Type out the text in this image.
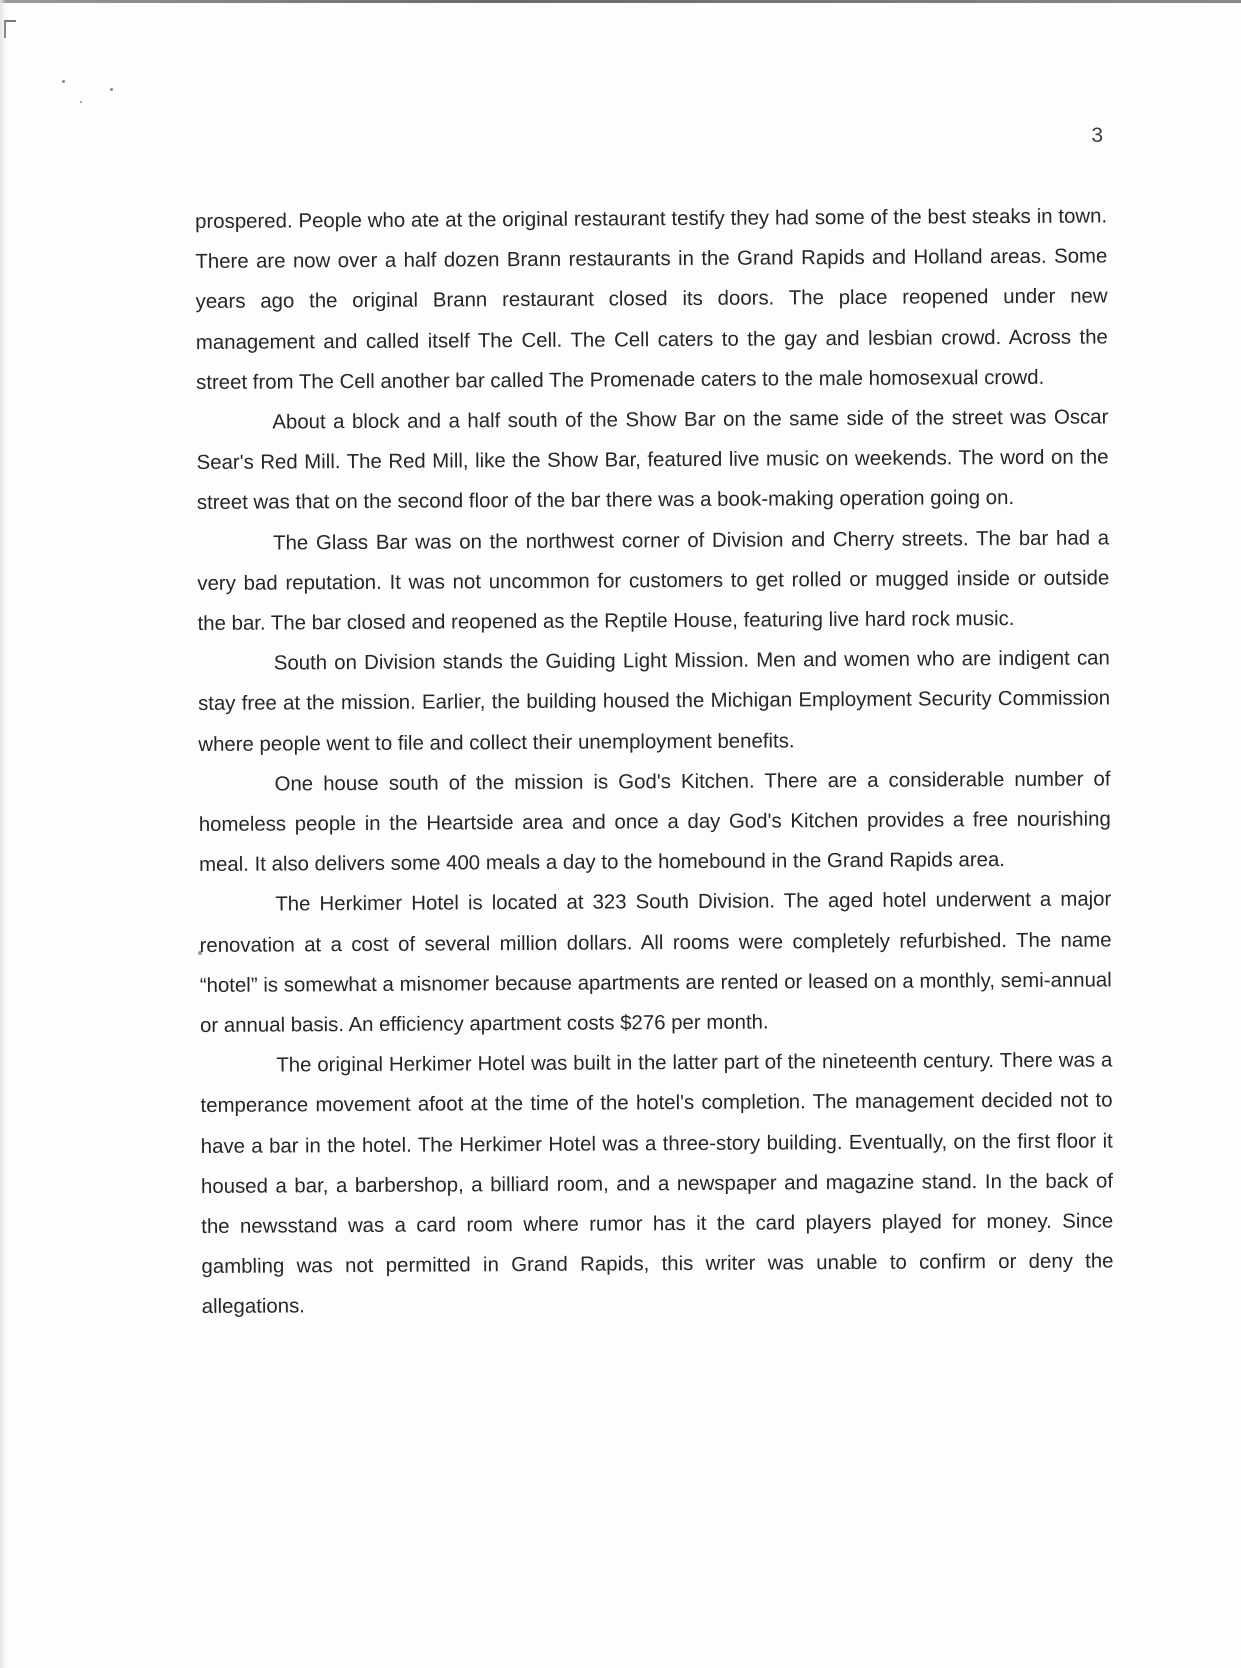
3

prospered. People who ate at the original restaurant testify they had some of the best steaks in town. There are now over a half dozen Brann restaurants in the Grand Rapids and Holland areas. Some years ago the original Brann restaurant closed its doors. The place reopened under new management and called itself The Cell. The Cell caters to the gay and lesbian crowd. Across the street from The Cell another bar called The Promenade caters to the male homosexual crowd.

About a block and a half south of the Show Bar on the same side of the street was Oscar Sear's Red Mill. The Red Mill, like the Show Bar, featured live music on weekends. The word on the street was that on the second floor of the bar there was a book-making operation going on.

The Glass Bar was on the northwest corner of Division and Cherry streets. The bar had a very bad reputation. It was not uncommon for customers to get rolled or mugged inside or outside the bar. The bar closed and reopened as the Reptile House, featuring live hard rock music.

South on Division stands the Guiding Light Mission. Men and women who are indigent can stay free at the mission. Earlier, the building housed the Michigan Employment Security Commission where people went to file and collect their unemployment benefits.

One house south of the mission is God's Kitchen. There are a considerable number of homeless people in the Heartside area and once a day God's Kitchen provides a free nourishing meal. It also delivers some 400 meals a day to the homebound in the Grand Rapids area.

The Herkimer Hotel is located at 323 South Division. The aged hotel underwent a major renovation at a cost of several million dollars. All rooms were completely refurbished. The name “hotel” is somewhat a misnomer because apartments are rented or leased on a monthly, semi-annual or annual basis. An efficiency apartment costs $276 per month.

The original Herkimer Hotel was built in the latter part of the nineteenth century. There was a temperance movement afoot at the time of the hotel's completion. The management decided not to have a bar in the hotel. The Herkimer Hotel was a three-story building. Eventually, on the first floor it housed a bar, a barbershop, a billiard room, and a newspaper and magazine stand. In the back of the newsstand was a card room where rumor has it the card players played for money. Since gambling was not permitted in Grand Rapids, this writer was unable to confirm or deny the allegations.
